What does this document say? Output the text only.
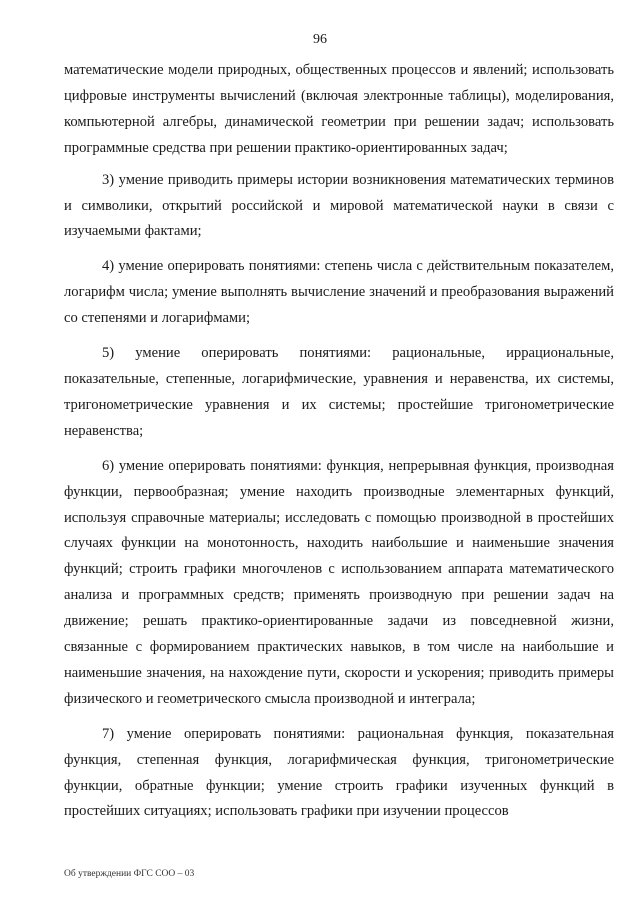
96

математические модели природных, общественных процессов и явлений; использовать цифровые инструменты вычислений (включая электронные таблицы), моделирования, компьютерной алгебры, динамической геометрии при решении задач; использовать программные средства при решении практико-ориентированных задач;

3) умение приводить примеры истории возникновения математических терминов и символики, открытий российской и мировой математической науки в связи с изучаемыми фактами;

4) умение оперировать понятиями: степень числа с действительным показателем, логарифм числа; умение выполнять вычисление значений и преобразования выражений со степенями и логарифмами;

5) умение оперировать понятиями: рациональные, иррациональные, показательные, степенные, логарифмические, уравнения и неравенства, их системы, тригонометрические уравнения и их системы; простейшие тригонометрические неравенства;

6) умение оперировать понятиями: функция, непрерывная функция, производная функции, первообразная; умение находить производные элементарных функций, используя справочные материалы; исследовать с помощью производной в простейших случаях функции на монотонность, находить наибольшие и наименьшие значения функций; строить графики многочленов с использованием аппарата математического анализа и программных средств; применять производную при решении задач на движение; решать практико-ориентированные задачи из повседневной жизни, связанные с формированием практических навыков, в том числе на наибольшие и наименьшие значения, на нахождение пути, скорости и ускорения; приводить примеры физического и геометрического смысла производной и интеграла;

7) умение оперировать понятиями: рациональная функция, показательная функция, степенная функция, логарифмическая функция, тригонометрические функции, обратные функции; умение строить графики изученных функций в простейших ситуациях; использовать графики при изучении процессов

Об утверждении ФГС СОО – 03
